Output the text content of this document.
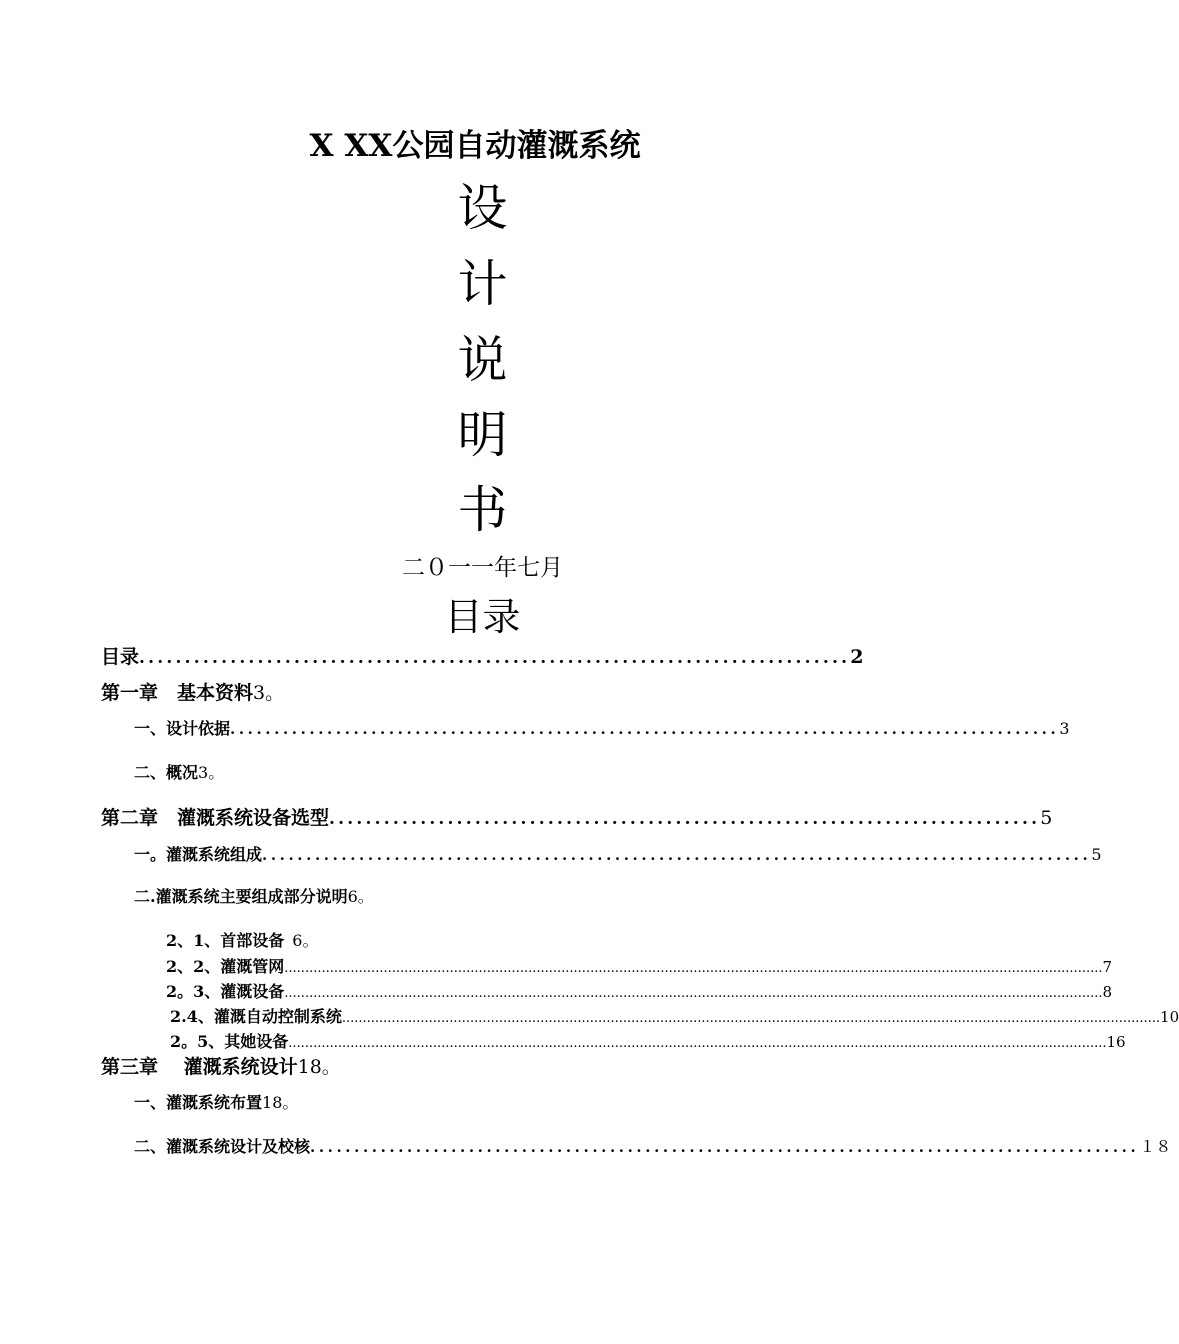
X XX公园自动灌溉系统
设
计
说
明
书
二０一一年七月
目录
目录 .............................................................................. 2
第一章　基本资料3。
一、设计依据 .............................................................................................. 3
二、概况3。
第二章　灌溉系统设备选型 .............................................................................. 5
一。灌溉系统组成 .............................................................................................. 5
二.灌溉系统主要组成部分说明6。
2、1、首部设备 6。
2、2、灌溉管网 ...................................................................................................................................................................................................... 7
2。3、灌溉设备 ...................................................................................................................................................................................................... 8
2.4、灌溉自动控制系统 ...................................................................................................................................................................................................... 10
2。5、其她设备 ...................................................................................................................................................................................................... 16
第三章　 灌溉系统设计18。
一、灌溉系统布置18。
二、灌溉系统设计及校核 .............................................................................................. １８
